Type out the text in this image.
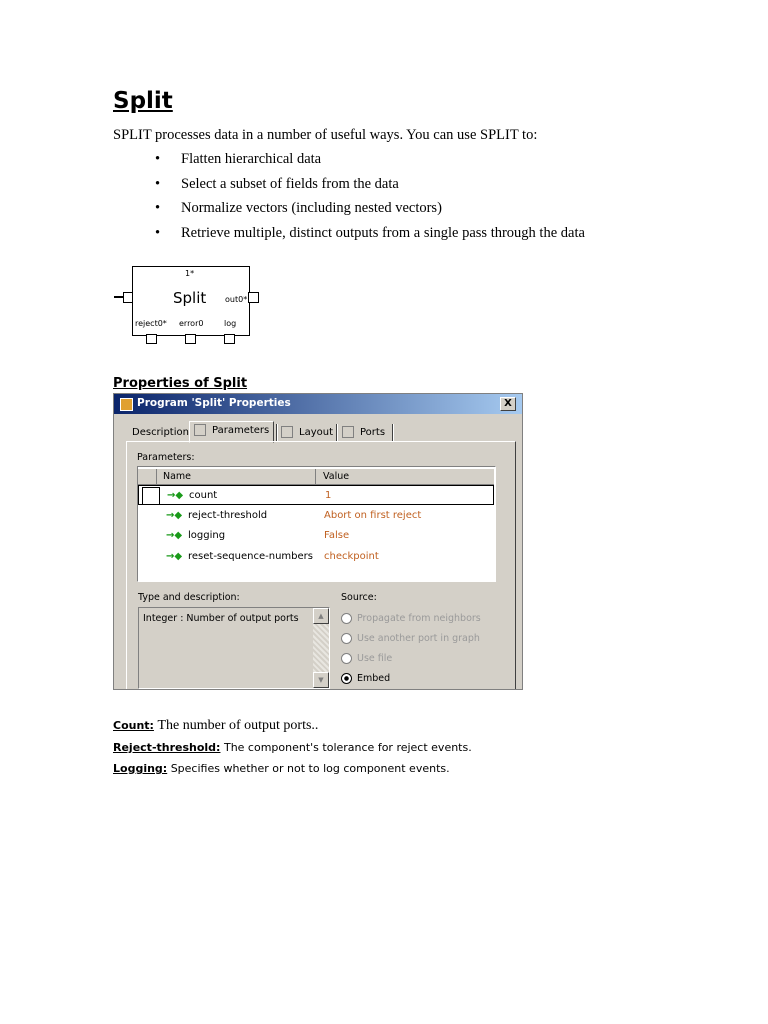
Split
SPLIT processes data in a number of useful ways. You can use SPLIT to:
• Flatten hierarchical data
• Select a subset of fields from the data
• Normalize vectors (including nested vectors)
• Retrieve multiple, distinct outputs from a single pass through the data
1*
Split out0*
reject0* error0	log
Properties of Split
Program 'Split' Properties	X
Description	Parameters	Layout	Ports
Parameters:
Name	Value
→◆ count	1
→◆ reject-threshold	Abort on first reject
→◆ logging	False
→◆ reset-sequence-numbers checkpoint
Type and description:	Source:
Integer : Number of output ports	▲
▼
Propagate from neighbors
Use another port in graph
Use file
Embed
Count: The number of output ports..
Reject-threshold: The component's tolerance for reject events.
Logging: Specifies whether or not to log component events.
